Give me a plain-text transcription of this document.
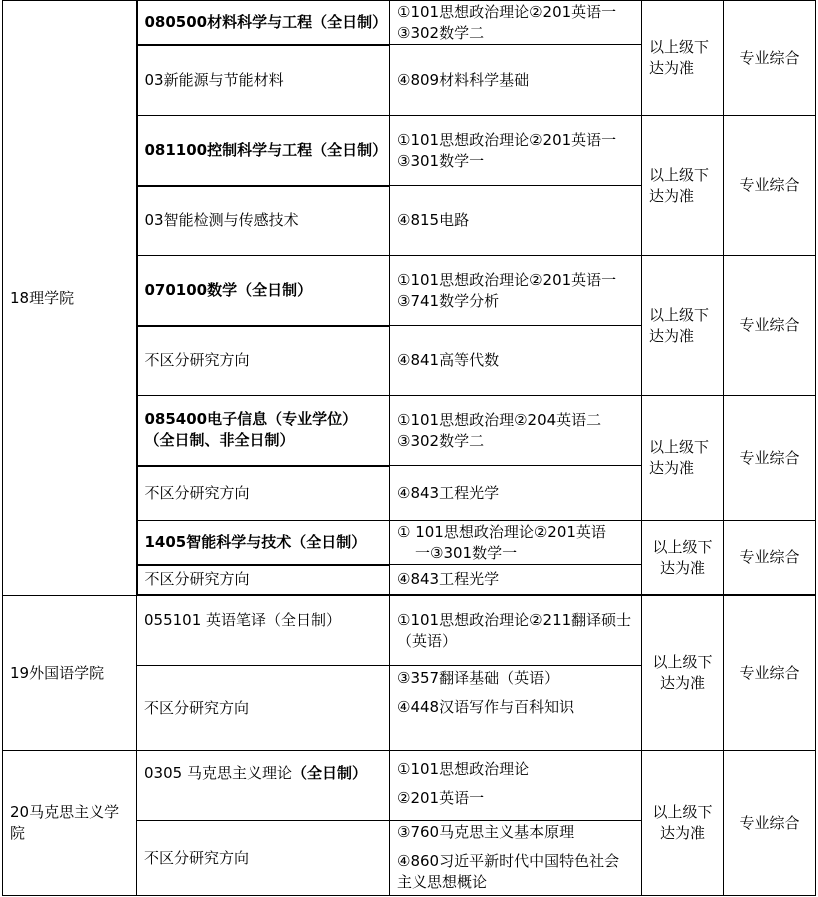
18理学院	080500材料科学与工程（全日制）	①101思想政治理论②201英语一
③302数学二	以上级下达为准	专业综合
	03新能源与节能材料	④809材料科学基础		
	081100控制科学与工程（全日制）	①101思想政治理论②201英语一
③301数学一	以上级下达为准	专业综合
	03智能检测与传感技术	④815电路		
	070100数学（全日制）	①101思想政治理论②201英语一
③741数学分析	以上级下达为准	专业综合
	不区分研究方向	④841高等代数		

	085400电子信息（专业学位）
（全日制、非全日制）	①101思想政治理②204英语二
③302数学二	以上级下达为准	专业综合
	不区分研究方向	④843工程光学		
	1405智能科学与技术（全日制）	① 101思想政治理论②201英语
一③301数学一	以上级下达为准	专业综合
	不区分研究方向	④843工程光学		

19外国语学院	055101 英语笔译（全日制）	①101思想政治理论②211翻译硕士
（英语）	以上级下达为准	专业综合
	不区分研究方向	③357翻译基础（英语）
④448汉语写作与百科知识		

20马克思主义学院	0305 马克思主义理论（全日制）	①101思想政治理论
②201英语一	以上级下达为准	专业综合
	不区分研究方向	③760马克思主义基本原理
④860习近平新时代中国特色社会主义思想概论		
